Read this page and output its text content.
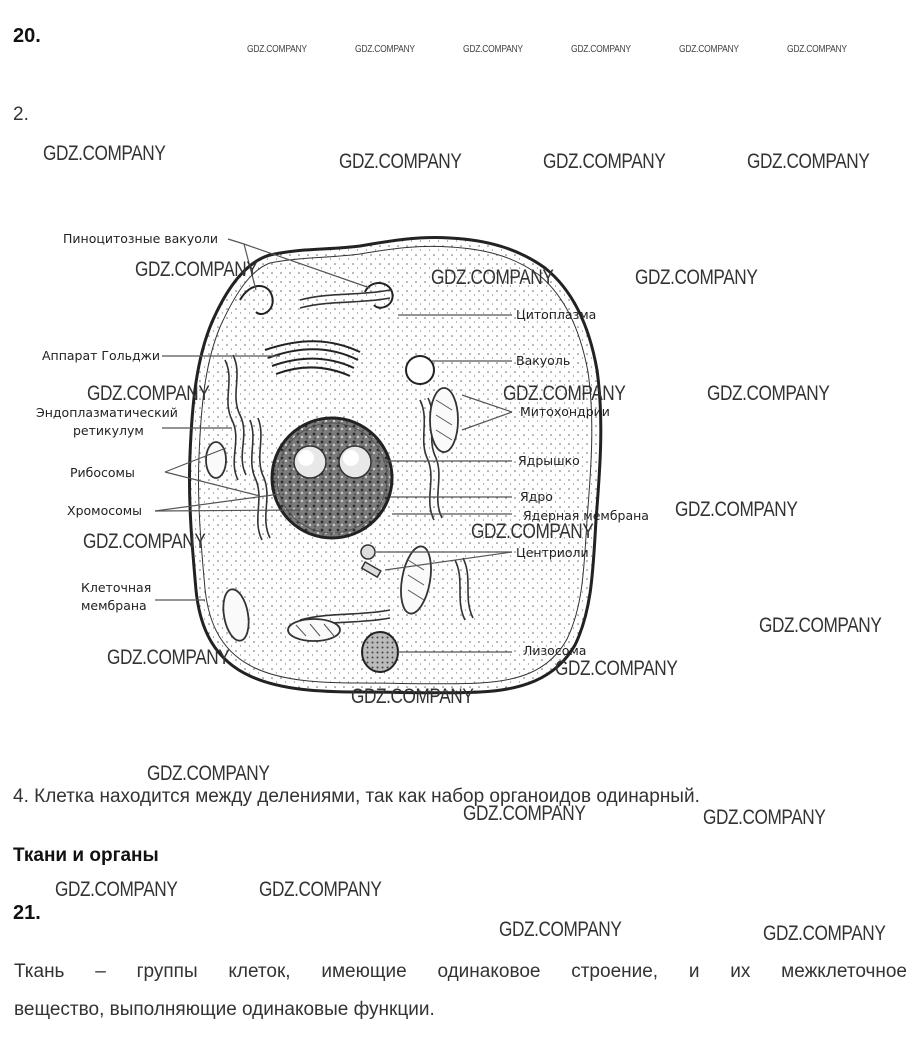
20.
2.
GDZ.COMPANY	GDZ.COMPANY	GDZ.COMPANY	GDZ.COMPANY	GDZ.COMPANY	GDZ.COMPANY
Пиноцитозные вакуоли
Аппарат Гольджи
Эндоплазматический
ретикулум
Рибосомы
Хромосомы
Клеточная
мембрана
Цитоплазма
Вакуоль
Митохондрии
Ядрышко
Ядро
Ядерная мембрана
Центриоли
Лизосома
GDZ.COMPANY	GDZ.COMPANY	GDZ.COMPANY	GDZ.COMPANY
GDZ.COMPANY	GDZ.COMPANY	GDZ.COMPANY
GDZ.COMPANY	GDZ.COMPANY	GDZ.COMPANY
GDZ.COMPANY
GDZ.COMPANY
GDZ.COMPANY
GDZ.COMPANY
GDZ.COMPANY	GDZ.COMPANY
GDZ.COMPANY
GDZ.COMPANY
GDZ.COMPANY	GDZ.COMPANY
GDZ.COMPANY	GDZ.COMPANY
GDZ.COMPANY	GDZ.COMPANY
4. Клетка находится между делениями, так как набор органоидов одинарный.
Ткани и органы
21.
Ткань – группы клеток, имеющие одинаковое строение, и их межклеточное
вещество, выполняющие одинаковые функции.
